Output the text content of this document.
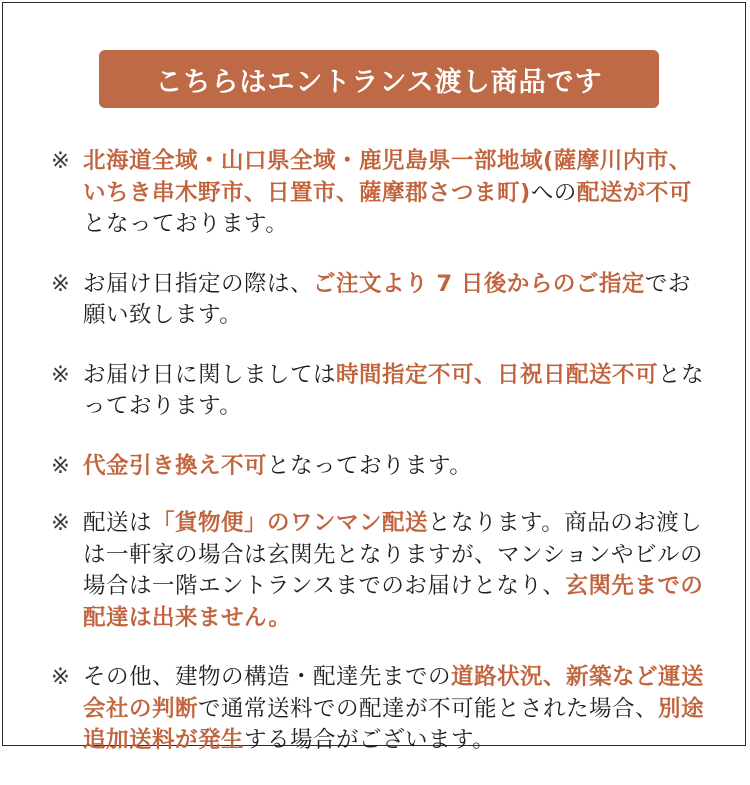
こちらはエントランス渡し商品です
※ 北海道全域・山口県全域・鹿児島県一部地域(薩摩川内市、いちき串木野市、日置市、薩摩郡さつま町)への配送が不可となっております。
※ お届け日指定の際は、ご注文より 7 日後からのご指定でお願い致します。
※ お届け日に関しましては時間指定不可、日祝日配送不可となっております。
※ 代金引き換え不可となっております。
※ 配送は「貨物便」のワンマン配送となります。商品のお渡しは一軒家の場合は玄関先となりますが、マンションやビルの場合は一階エントランスまでのお届けとなり、玄関先までの配達は出来ません。
※ その他、建物の構造・配達先までの道路状況、新築など運送会社の判断で通常送料での配達が不可能とされた場合、別途追加送料が発生する場合がございます。
